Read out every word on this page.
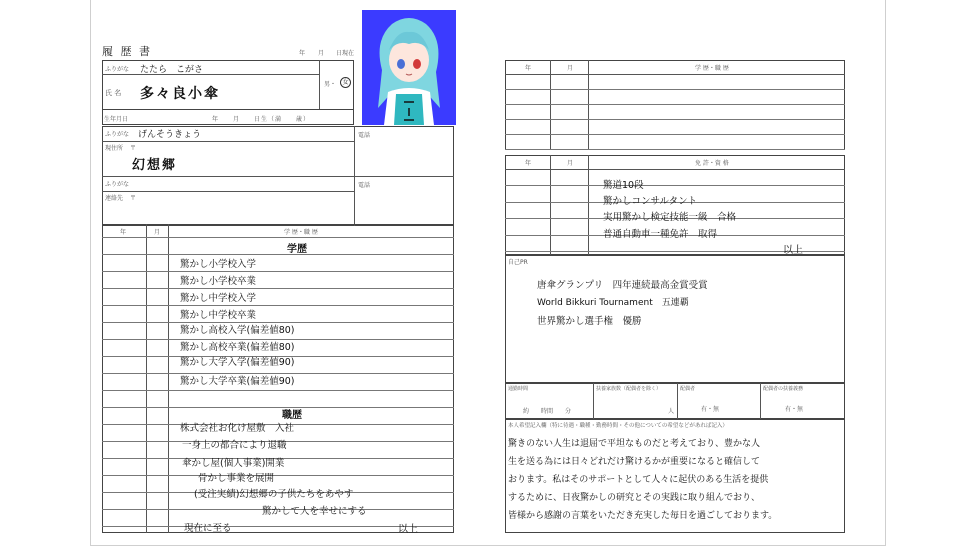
履 歴 書	年 月 日現在
ふりがな たたら　こがさ
氏 名 多々良小傘
男・	女
生年月日	年　　月　　日生（満　　歳）
ふりがな げんそうきょう
現住所 〒
幻想郷
電話
ふりがな
連絡先 〒
電話
年	月	学 歴・職 歴
学歴
驚かし小学校入学
驚かし小学校卒業
驚かし中学校入学
驚かし中学校卒業
驚かし高校入学(偏差値80)
驚かし高校卒業(偏差値80)
驚かし大学入学(偏差値90)
驚かし大学卒業(偏差値90)
職歴
株式会社お化け屋敷　入社
一身上の都合により退職
傘かし屋(個人事業)開業
骨かし事業を展開
(受注実績)幻想郷の子供たちをあやす
驚かして人を幸せにする
現在に至る	以上
年	月	学 歴・職 歴
年	月	免 許・資 格
驚道10段
驚かしコンサルタント
実用驚かし検定技能一級　合格
普通自動車一種免許　取得
以上
自己PR
唐傘グランプリ　四年連続最高金賞受賞
World Bikkuri Tournament　五連覇
世界驚かし選手権　優勝
通勤時間
約　　時間　　分
扶養家族数（配偶者を除く）
人
配偶者
有・無
配偶者の扶養義務
有・無
本人希望記入欄（特に待遇・職種・勤務時間・その他についての希望などがあれば記入）
驚きのない人生は退屈で平坦なものだと考えており、豊かな人
生を送る為には日々どれだけ驚けるかが重要になると確信して
おります。私はそのサポートとして人々に起伏のある生活を提供
するために、日夜驚かしの研究とその実践に取り組んでおり、
皆様から感謝の言葉をいただき充実した毎日を過ごしております。
